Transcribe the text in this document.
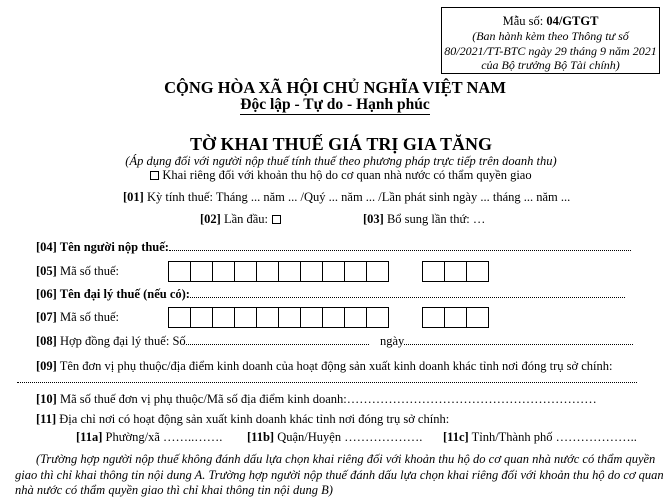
Mẫu số: 04/GTGT
(Ban hành kèm theo Thông tư số
80/2021/TT-BTC ngày 29 tháng 9 năm 2021
của Bộ trưởng Bộ Tài chính)
CỘNG HÒA XÃ HỘI CHỦ NGHĨA VIỆT NAM
Độc lập - Tự do - Hạnh phúc
TỜ KHAI THUẾ GIÁ TRỊ GIA TĂNG
(Áp dụng đối với người nộp thuế tính thuế theo phương pháp trực tiếp trên doanh thu)
Khai riêng đối với khoản thu hộ do cơ quan nhà nước có thẩm quyền giao
[01] Kỳ tính thuế: Tháng ... năm ... /Quý ... năm ... /Lần phát sinh ngày ... tháng ... năm ...
[02] Lần đầu:	[03] Bổ sung lần thứ: …
[04] Tên người nộp thuế:
[05] Mã số thuế:
[06] Tên đại lý thuế (nếu có):
[07] Mã số thuế:
[08] Hợp đồng đại lý thuế: Số	ngày
[09] Tên đơn vị phụ thuộc/địa điểm kinh doanh của hoạt động sản xuất kinh doanh khác tỉnh nơi đóng trụ sở chính:
[10] Mã số thuế đơn vị phụ thuộc/Mã số địa điểm kinh doanh:……………………………………………………
[11] Địa chỉ nơi có hoạt động sản xuất kinh doanh khác tỉnh nơi đóng trụ sở chính:
[11a] Phường/xã ……..……. [11b] Quận/Huyện ………………. [11c] Tỉnh/Thành phố ………………..
(Trường hợp người nộp thuế không đánh dấu lựa chọn khai riêng đối với khoản thu hộ do cơ quan nhà nước có thẩm quyền giao thì chỉ khai thông tin nội dung A. Trường hợp người nộp thuế đánh dấu lựa chọn khai riêng đối với khoản thu hộ do cơ quan nhà nước có thẩm quyền giao thì chỉ khai thông tin nội dung B)
